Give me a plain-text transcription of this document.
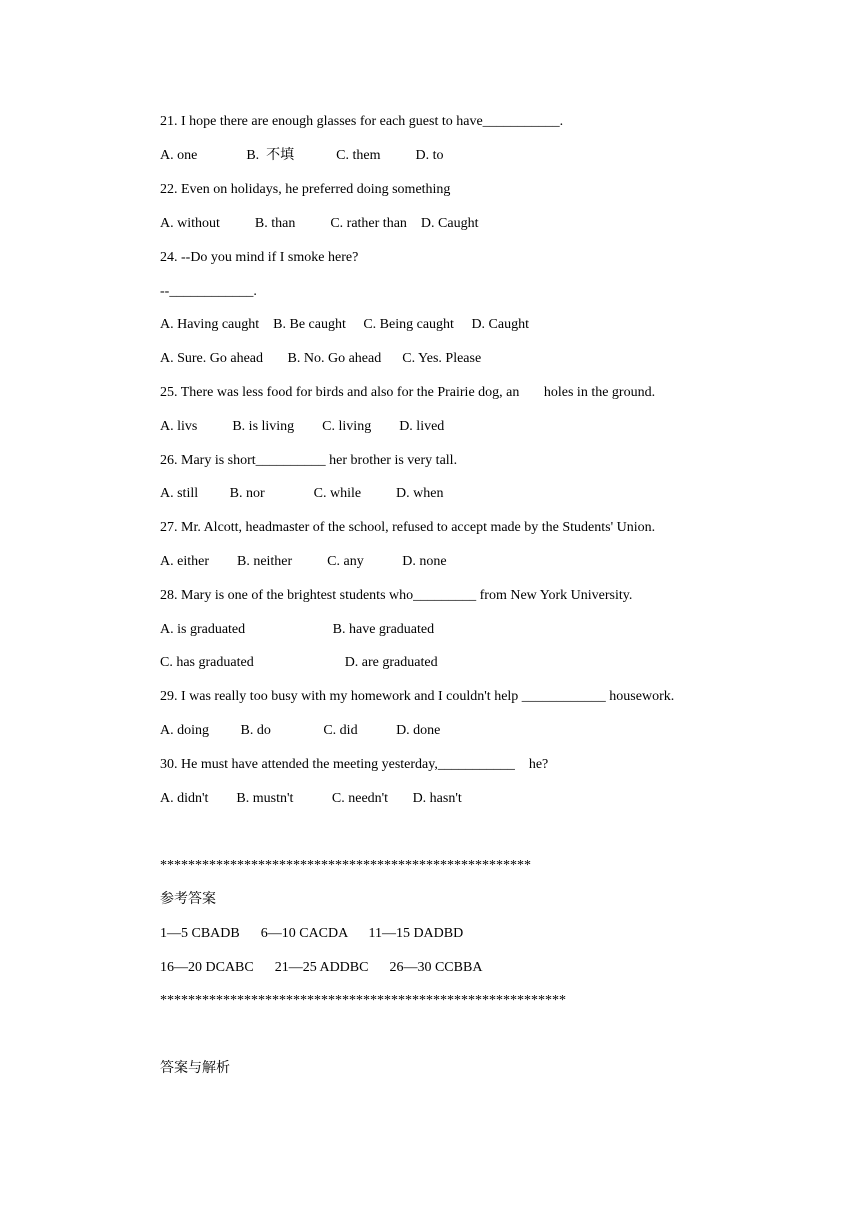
21. I hope there are enough glasses for each guest to have___________.
A. one              B.  不填            C. them          D. to
22. Even on holidays, he preferred doing something
A. without          B. than          C. rather than    D. Caught
24. --Do you mind if I smoke here?
--____________.
A. Having caught    B. Be caught     C. Being caught     D. Caught
A. Sure. Go ahead       B. No. Go ahead      C. Yes. Please
25. There was less food for birds and also for the Prairie dog, an       holes in the ground.
A. livs          B. is living        C. living        D. lived
26. Mary is short__________ her brother is very tall.
A. still         B. nor              C. while          D. when
27. Mr. Alcott, headmaster of the school, refused to accept made by the Students' Union.
A. either        B. neither          C. any           D. none
28. Mary is one of the brightest students who_________ from New York University.
A. is graduated                         B. have graduated
C. has graduated                          D. are graduated
29. I was really too busy with my homework and I couldn't help ____________ housework.
A. doing         B. do               C. did           D. done
30. He must have attended the meeting yesterday,___________    he?
A. didn't        B. mustn't           C. needn't       D. hasn't
*****************************************************
参考答案
1—5 CBADB      6—10 CACDA      11—15 DADBD
16—20 DCABC      21—25 ADDBC      26—30 CCBBA
**********************************************************
答案与解析
